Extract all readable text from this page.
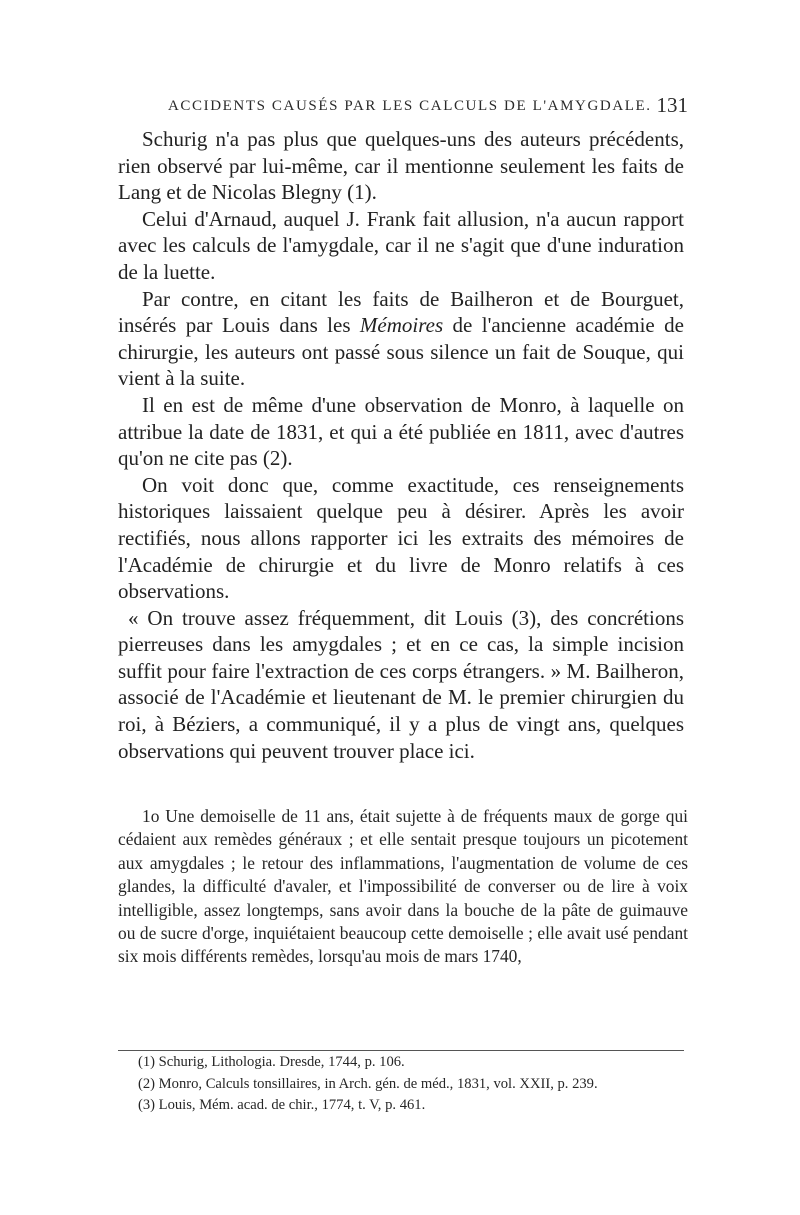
ACCIDENTS CAUSÉS PAR LES CALCULS DE L'AMYGDALE. 131

Schurig n'a pas plus que quelques-uns des auteurs précédents, rien observé par lui-même, car il mentionne seulement les faits de Lang et de Nicolas Blegny (1).

Celui d'Arnaud, auquel J. Frank fait allusion, n'a aucun rapport avec les calculs de l'amygdale, car il ne s'agit que d'une induration de la luette.

Par contre, en citant les faits de Bailheron et de Bourguet, insérés par Louis dans les Mémoires de l'ancienne académie de chirurgie, les auteurs ont passé sous silence un fait de Souque, qui vient à la suite.

Il en est de même d'une observation de Monro, à laquelle on attribue la date de 1831, et qui a été publiée en 1811, avec d'autres qu'on ne cite pas (2).

On voit donc que, comme exactitude, ces renseignements historiques laissaient quelque peu à désirer. Après les avoir rectifiés, nous allons rapporter ici les extraits des mémoires de l'Académie de chirurgie et du livre de Monro relatifs à ces observations.

« On trouve assez fréquemment, dit Louis (3), des concrétions pierreuses dans les amygdales ; et en ce cas, la simple incision suffit pour faire l'extraction de ces corps étrangers. » M. Bailheron, associé de l'Académie et lieutenant de M. le premier chirurgien du roi, à Béziers, a communiqué, il y a plus de vingt ans, quelques observations qui peuvent trouver place ici.

1o Une demoiselle de 11 ans, était sujette à de fréquents maux de gorge qui cédaient aux remèdes généraux ; et elle sentait presque toujours un picotement aux amygdales ; le retour des inflammations, l'augmentation de volume de ces glandes, la difficulté d'avaler, et l'impossibilité de converser ou de lire à voix intelligible, assez longtemps, sans avoir dans la bouche de la pâte de guimauve ou de sucre d'orge, inquiétaient beaucoup cette demoiselle ; elle avait usé pendant six mois différents remèdes, lorsqu'au mois de mars 1740,

(1) Schurig, Lithologia. Dresde, 1744, p. 106.

(2) Monro, Calculs tonsillaires, in Arch. gén. de méd., 1831, vol. XXII, p. 239.

(3) Louis, Mém. acad. de chir., 1774, t. V, p. 461.
